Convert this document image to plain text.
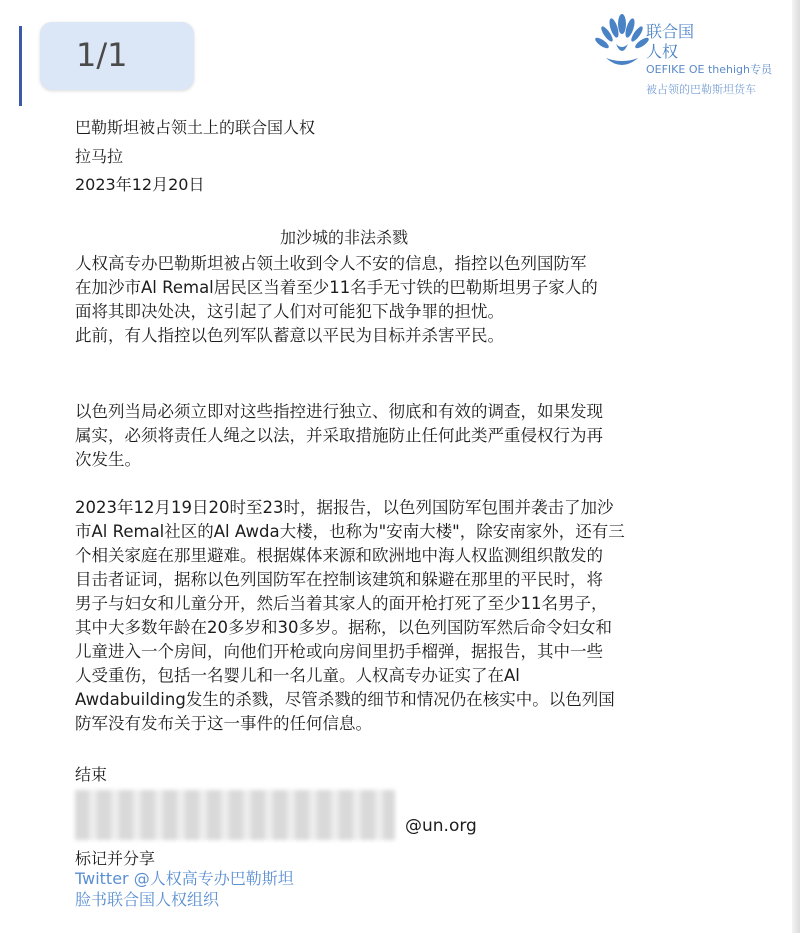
1/1
联合国
人权
OEFIKE OE thehigh专员
被占领的巴勒斯坦货车
巴勒斯坦被占领土上的联合国人权
拉马拉
2023年12月20日
加沙城的非法杀戮
人权高专办巴勒斯坦被占领土收到令人不安的信息，指控以色列国防军
在加沙市Al Remal居民区当着至少11名手无寸铁的巴勒斯坦男子家人的
面将其即决处决，这引起了人们对可能犯下战争罪的担忧。
此前，有人指控以色列军队蓄意以平民为目标并杀害平民。
以色列当局必须立即对这些指控进行独立、彻底和有效的调查，如果发现
属实，必须将责任人绳之以法，并采取措施防止任何此类严重侵权行为再
次发生。
2023年12月19日20时至23时，据报告，以色列国防军包围并袭击了加沙
市Al Remal社区的Al Awda大楼，也称为"安南大楼"，除安南家外，还有三
个相关家庭在那里避难。根据媒体来源和欧洲地中海人权监测组织散发的
目击者证词，据称以色列国防军在控制该建筑和躲避在那里的平民时，将
男子与妇女和儿童分开，然后当着其家人的面开枪打死了至少11名男子，
其中大多数年龄在20多岁和30多岁。据称，以色列国防军然后命令妇女和
儿童进入一个房间，向他们开枪或向房间里扔手榴弹，据报告，其中一些
人受重伤，包括一名婴儿和一名儿童。人权高专办证实了在Al
Awdabuilding发生的杀戮，尽管杀戮的细节和情况仍在核实中。以色列国
防军没有发布关于这一事件的任何信息。
结束
@un.org
标记并分享
Twitter @人权高专办巴勒斯坦
脸书联合国人权组织
